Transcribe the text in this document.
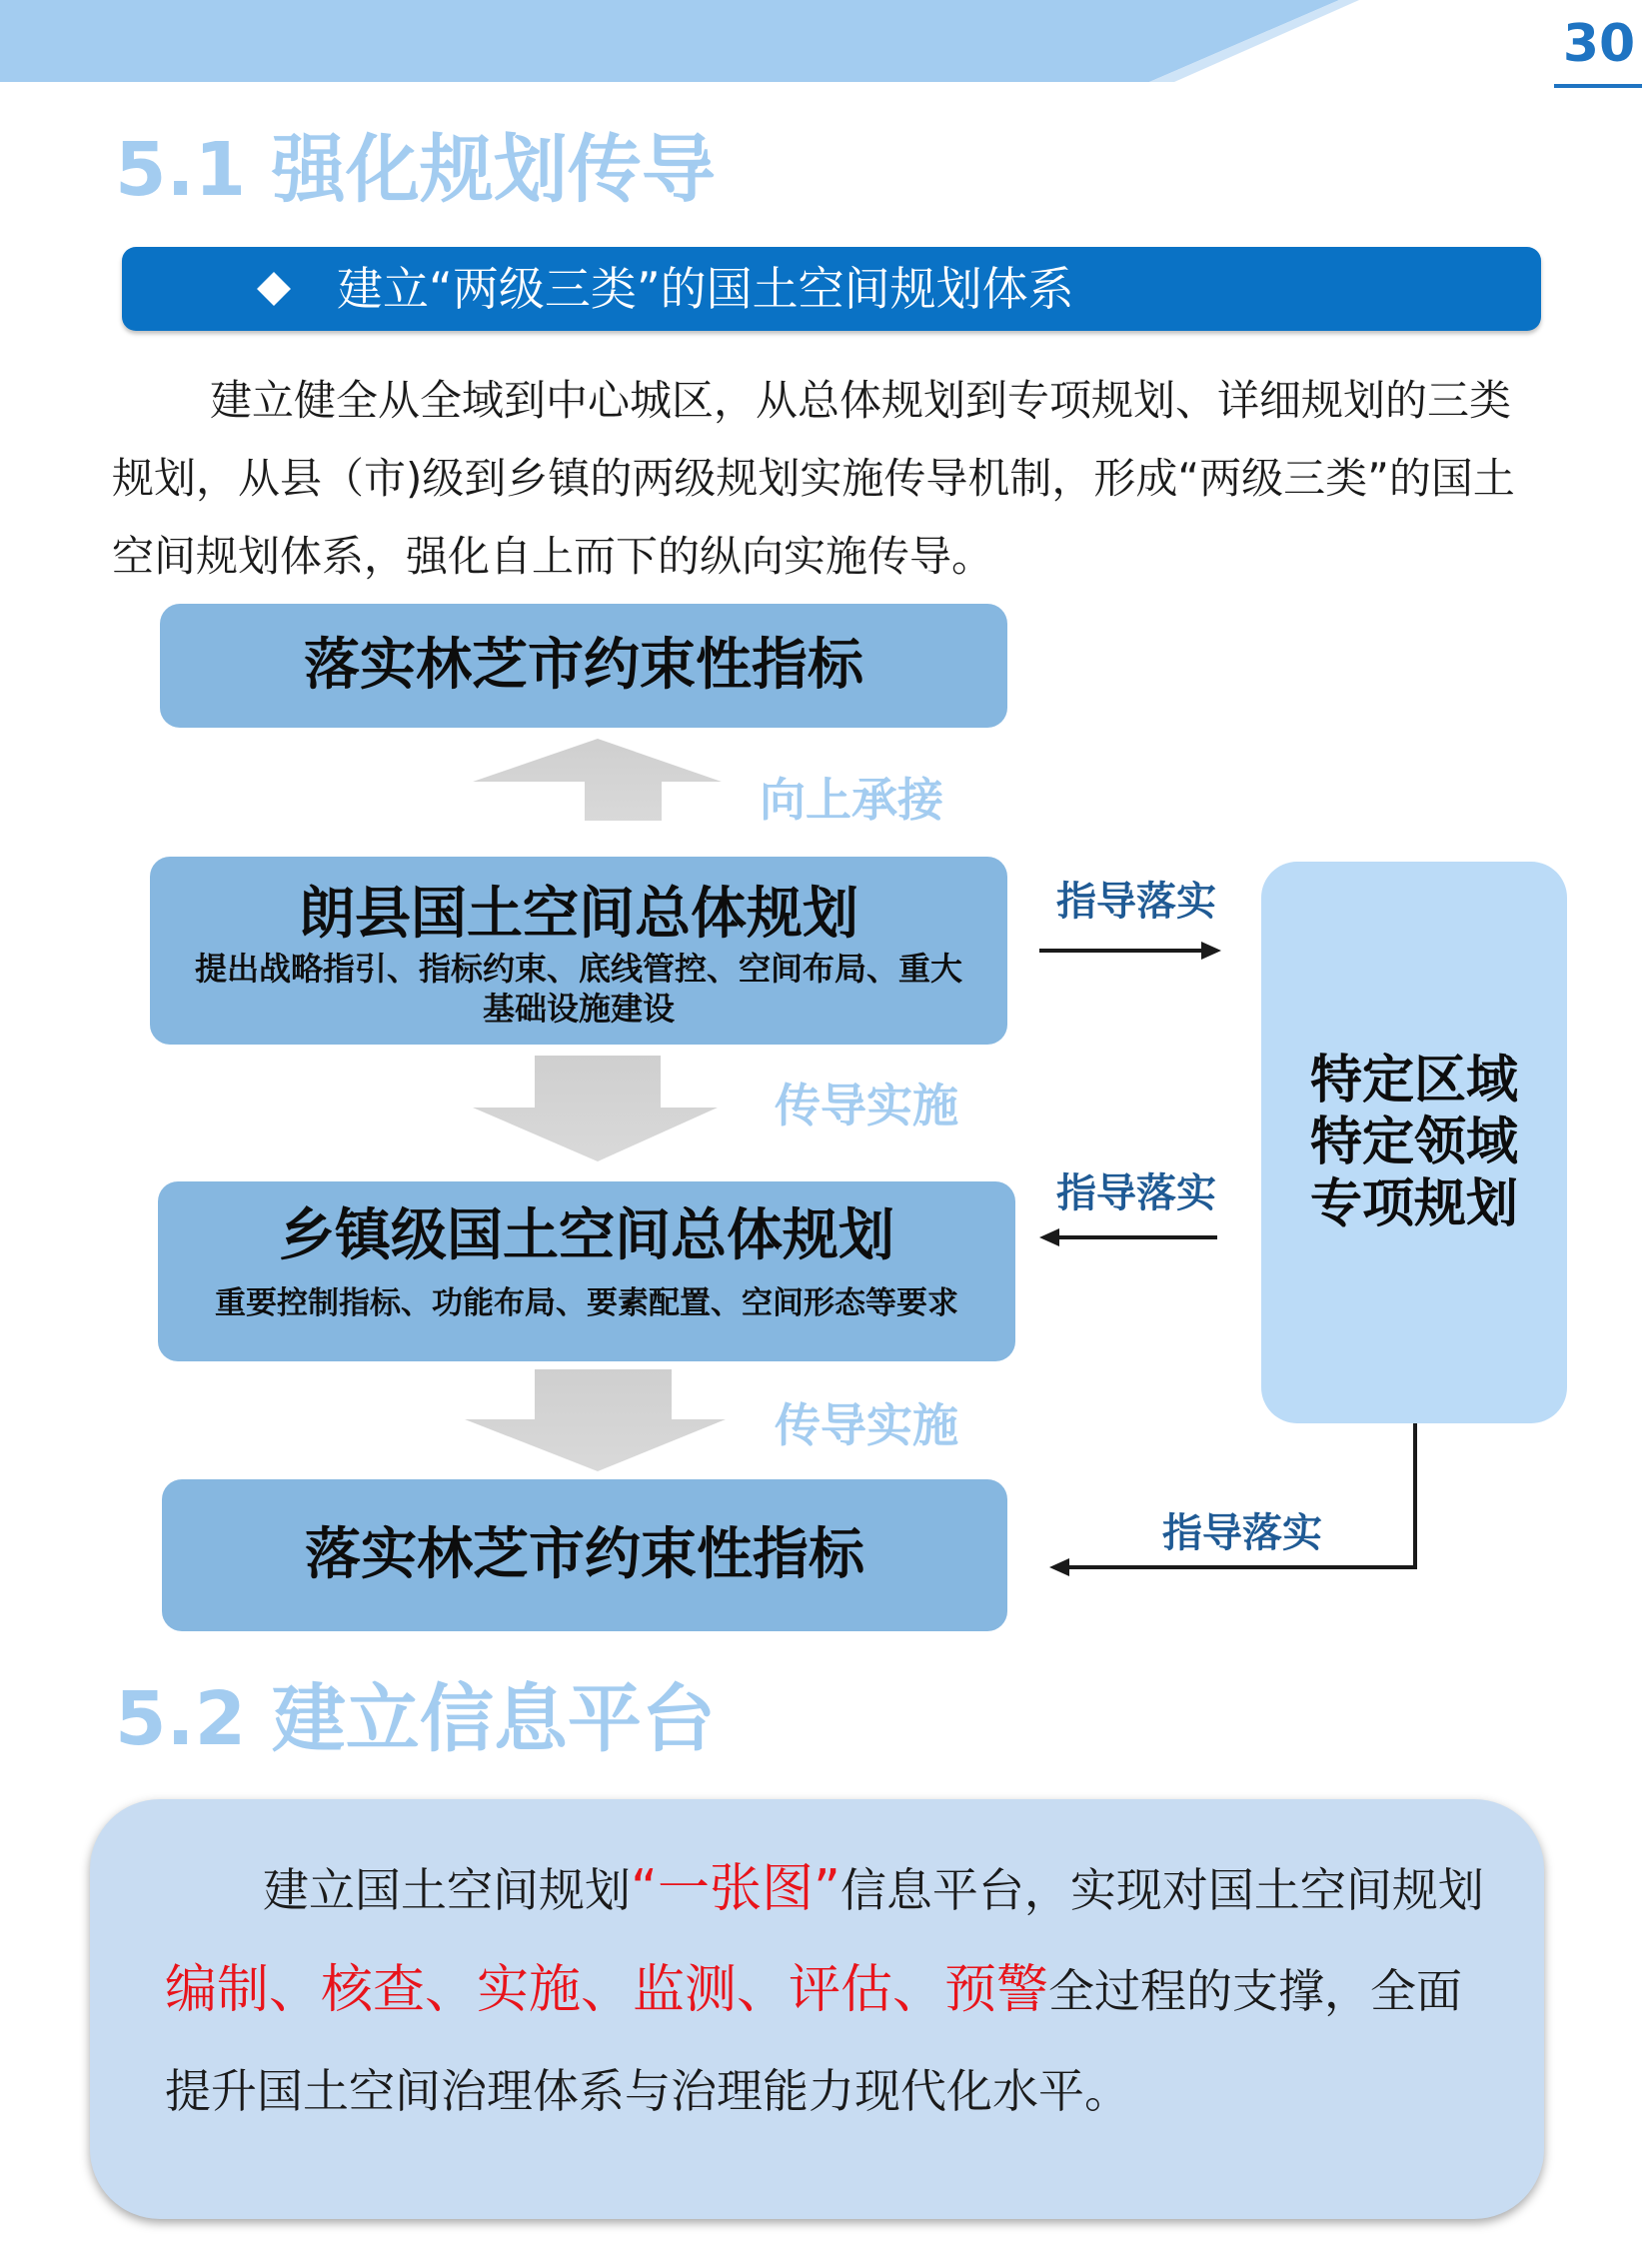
30
5.1 强化规划传导
建立“两级三类”的国土空间规划体系
建立健全从全域到中心城区，从总体规划到专项规划、详细规划的三类规划，从县（市)级到乡镇的两级规划实施传导机制，形成“两级三类”的国土空间规划体系，强化自上而下的纵向实施传导。
落实林芝市约束性指标
朗县国土空间总体规划
提出战略指引、指标约束、底线管控、空间布局、重大基础设施建设
乡镇级国土空间总体规划
重要控制指标、功能布局、要素配置、空间形态等要求
落实林芝市约束性指标
特定区域
特定领域
专项规划
向上承接
传导实施
传导实施
指导落实
指导落实
指导落实
5.2 建立信息平台
建立国土空间规划“一张图”信息平台，实现对国土空间规划编制、核查、实施、监测、评估、预警全过程的支撑，全面提升国土空间治理体系与治理能力现代化水平。
